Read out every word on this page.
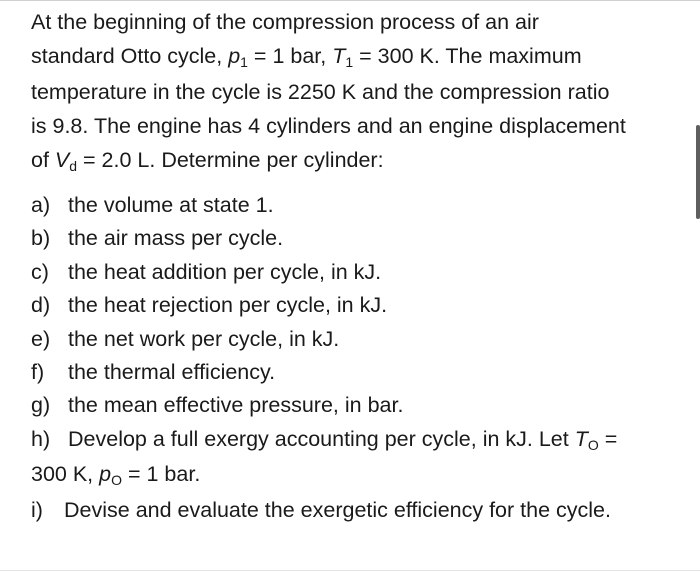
At the beginning of the compression process of an air
standard Otto cycle, p1 = 1 bar, T1 = 300 K. The maximum
temperature in the cycle is 2250 K and the compression ratio
is 9.8. The engine has 4 cylinders and an engine displacement
of Vd = 2.0 L. Determine per cylinder:
a) the volume at state 1.
b) the air mass per cycle.
c) the heat addition per cycle, in kJ.
d) the heat rejection per cycle, in kJ.
e) the net work per cycle, in kJ.
f) the thermal efficiency.
g) the mean effective pressure, in bar.
h) Develop a full exergy accounting per cycle, in kJ. Let TO =
300 K, pO = 1 bar.
i) Devise and evaluate the exergetic efficiency for the cycle.
